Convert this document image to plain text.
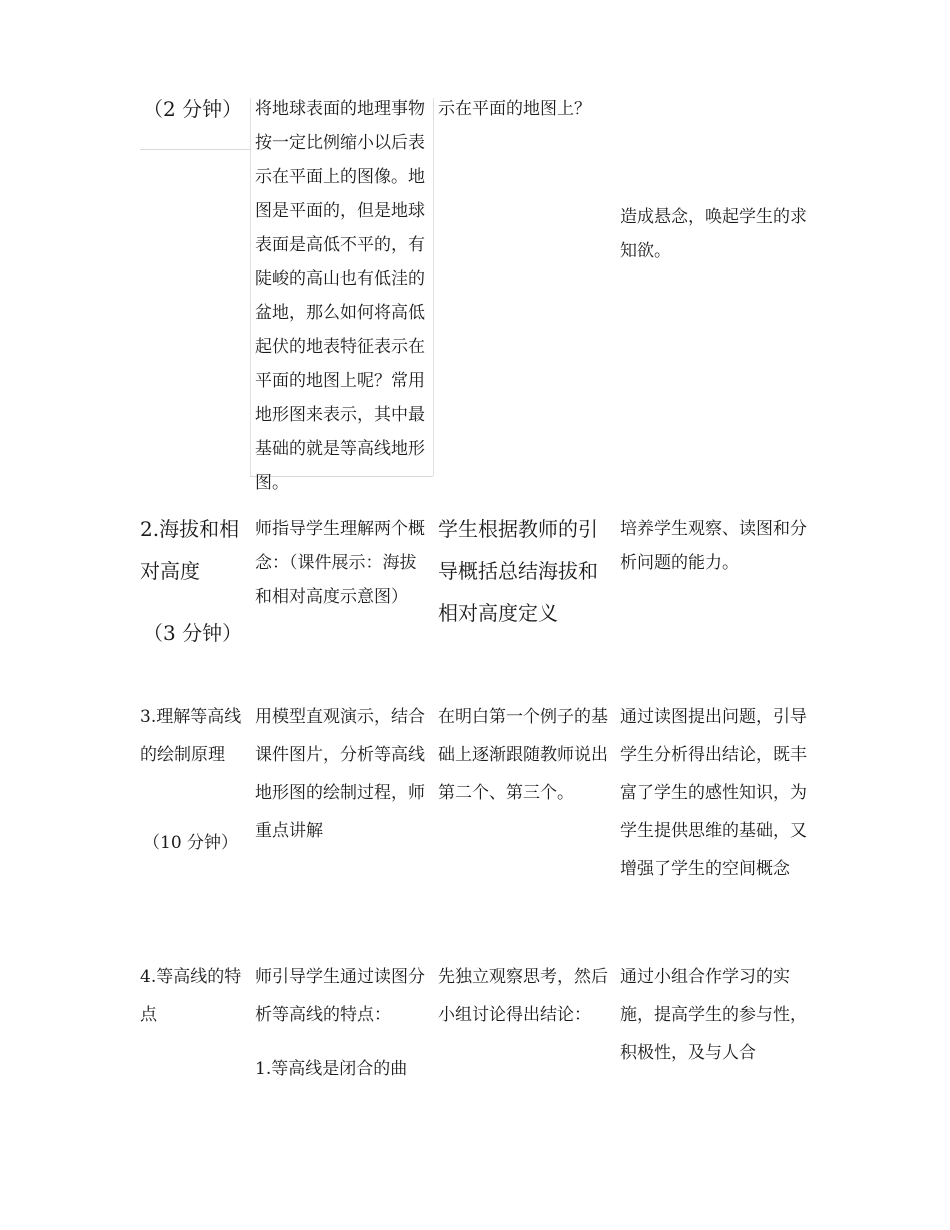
（2 分钟） 将地球表面的地理事物按一定比例缩小以后表示在平面上的图像。地图是平面的，但是地球表面是高低不平的，有陡峻的高山也有低洼的盆地，那么如何将高低起伏的地表特征表示在平面的地图上呢？常用地形图来表示，其中最基础的就是等高线地形图。
示在平面的地图上？
造成悬念，唤起学生的求知欲。
2.海拔和相对高度
（3 分钟）
师指导学生理解两个概念：（课件展示：海拔和相对高度示意图）
学生根据教师的引导概括总结海拔和相对高度定义
培养学生观察、读图和分析问题的能力。
3.理解等高线的绘制原理
（10 分钟）
用模型直观演示，结合课件图片，分析等高线地形图的绘制过程，师重点讲解
在明白第一个例子的基础上逐渐跟随教师说出第二个、第三个。
通过读图提出问题，引导学生分析得出结论，既丰富了学生的感性知识，为学生提供思维的基础，又增强了学生的空间概念
4.等高线的特点
师引导学生通过读图分析等高线的特点：
1.等高线是闭合的曲
先独立观察思考，然后小组讨论得出结论：
通过小组合作学习的实施，提高学生的参与性，积极性，及与人合
